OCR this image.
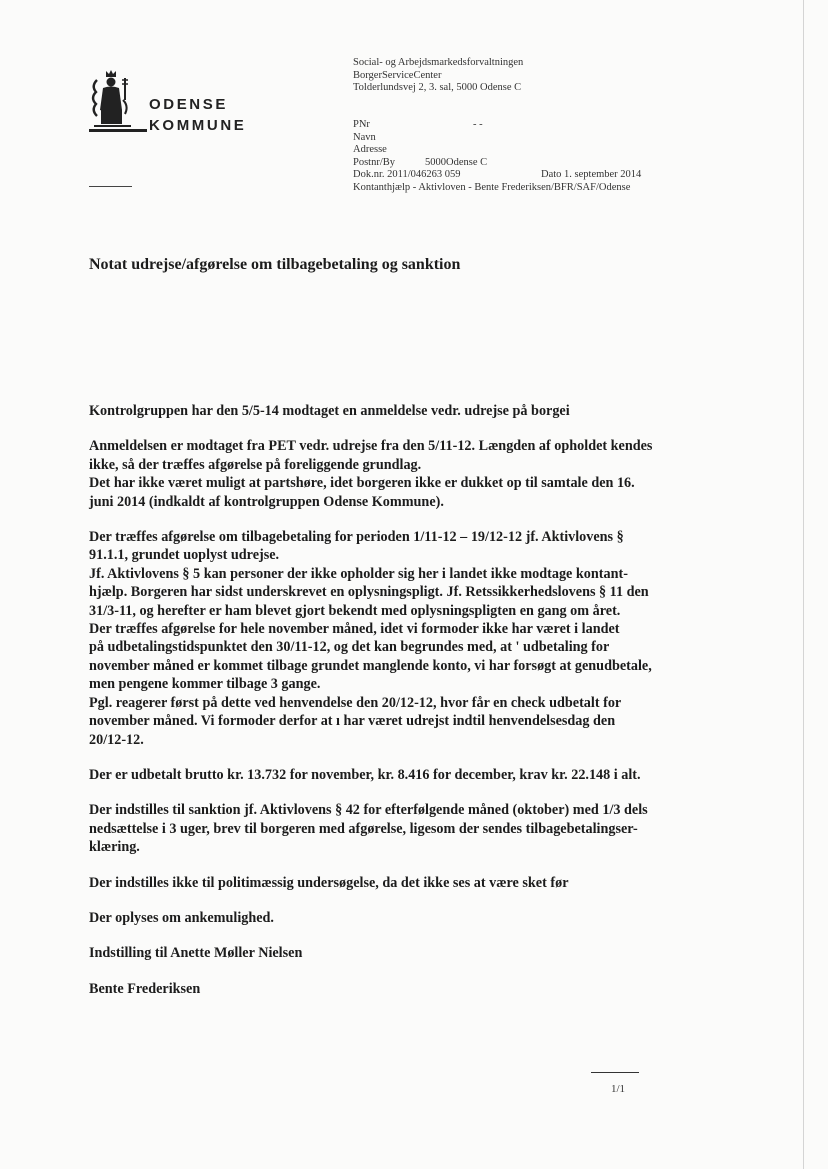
ODENSE
KOMMUNE
Social- og Arbejdsmarkedsforvaltningen
BorgerServiceCenter
Tolderlundsvej 2, 3. sal, 5000 Odense C
PNr	- -
Navn
Adresse
Postnr/By	5000Odense C
Dok.nr. 2011/046263 059	Dato 1. september 2014
Kontanthjælp - Aktivloven - Bente Frederiksen/BFR/SAF/Odense
Notat udrejse/afgørelse om tilbagebetaling og sanktion
Kontrolgruppen har den 5/5-14 modtaget en anmeldelse vedr. udrejse på borgei
Anmeldelsen er modtaget fra PET vedr. udrejse fra den 5/11-12. Længden af opholdet kendes
ikke, så der træffes afgørelse på foreliggende grundlag.
Det har ikke været muligt at partshøre, idet borgeren ikke er dukket op til samtale den 16.
juni 2014 (indkaldt af kontrolgruppen Odense Kommune).
Der træffes afgørelse om tilbagebetaling for perioden 1/11-12 – 19/12-12 jf. Aktivlovens §
91.1.1, grundet uoplyst udrejse.
Jf. Aktivlovens § 5 kan personer der ikke opholder sig her i landet ikke modtage kontant-
hjælp. Borgeren har sidst underskrevet en oplysningspligt. Jf. Retssikkerhedslovens § 11 den
31/3-11, og herefter er ham blevet gjort bekendt med oplysningspligten en gang om året.
Der træffes afgørelse for hele november måned, idet vi formoder ikke har været i landet
på udbetalingstidspunktet den 30/11-12, og det kan begrundes med, at ' udbetaling for
november måned er kommet tilbage grundet manglende konto, vi har forsøgt at genudbetale,
men pengene kommer tilbage 3 gange.
Pgl. reagerer først på dette ved henvendelse den 20/12-12, hvor får en check udbetalt for
november måned. Vi formoder derfor at ı har været udrejst indtil henvendelsesdag den
20/12-12.
Der er udbetalt brutto kr. 13.732 for november, kr. 8.416 for december, krav kr. 22.148 i alt.
Der indstilles til sanktion jf. Aktivlovens § 42 for efterfølgende måned (oktober) med 1/3 dels
nedsættelse i 3 uger, brev til borgeren med afgørelse, ligesom der sendes tilbagebetalingser-
klæring.
Der indstilles ikke til politimæssig undersøgelse, da det ikke ses at være sket før
Der oplyses om ankemulighed.
Indstilling til Anette Møller Nielsen
Bente Frederiksen
1/1
